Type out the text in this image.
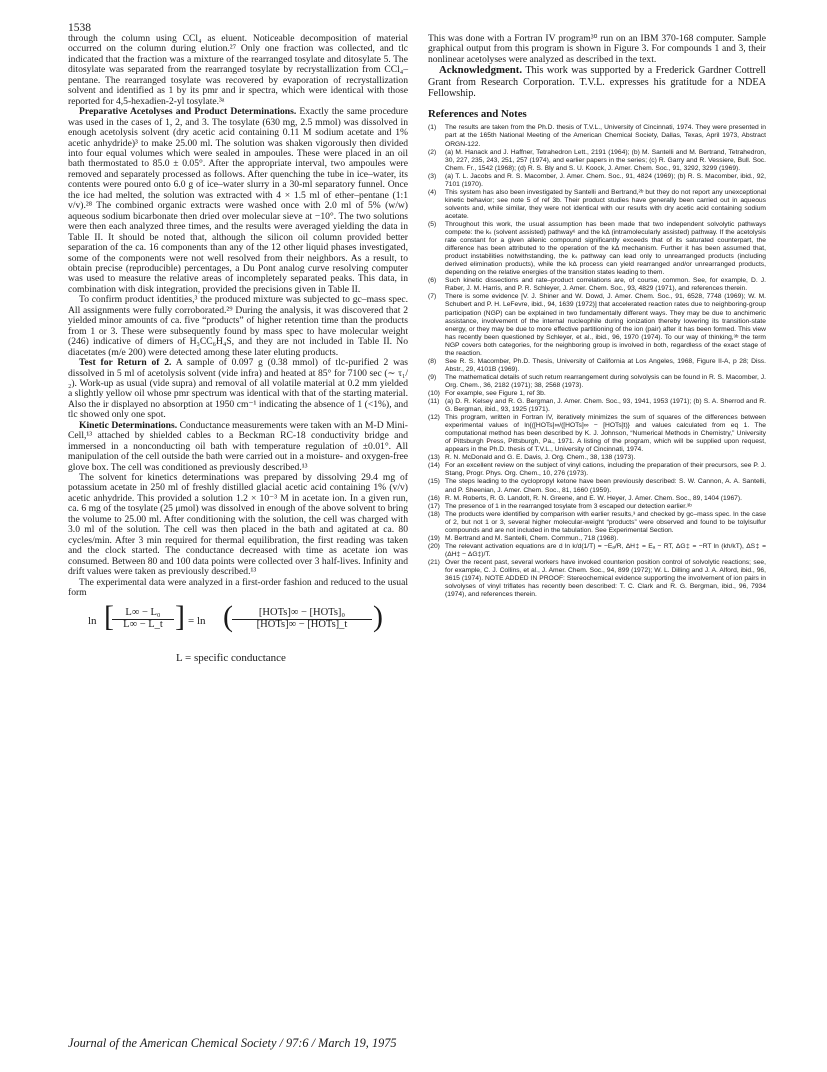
1538

through the column using CCl₄ as eluent. Noticeable decomposition of material occurred on the column during elution.²⁷ Only one fraction was collected, and tlc indicated that the fraction was a mixture of the rearranged tosylate and ditosylate 5. The ditosylate was separated from the rearranged tosylate by recrystallization from CCl₄–pentane. The rearranged tosylate was recovered by evaporation of recrystallization solvent and identified as 1 by its pmr and ir spectra, which were identical with those reported for 4,5-hexadien-2-yl tosylate.³ᵃ

Preparative Acetolyses and Product Determinations. Exactly the same procedure was used in the cases of 1, 2, and 3. The tosylate (630 mg, 2.5 mmol) was dissolved in enough acetolysis solvent (dry acetic acid containing 0.11 M sodium acetate and 1% acetic anhydride)³ to make 25.00 ml. The solution was shaken vigorously then divided into four equal volumes which were sealed in ampoules. These were placed in an oil bath thermostated to 85.0 ± 0.05°. After the appropriate interval, two ampoules were removed and separately processed as follows. After quenching the tube in ice–water, its contents were poured onto 6.0 g of ice–water slurry in a 30-ml separatory funnel. Once the ice had melted, the solution was extracted with 4 × 1.5 ml of ether–pentane (1:1 v/v).²⁸ The combined organic extracts were washed once with 2.0 ml of 5% (w/w) aqueous sodium bicarbonate then dried over molecular sieve at −10°. The two solutions were then each analyzed three times, and the results were averaged yielding the data in Table II. It should be noted that, although the silicon oil column provided better separation of the ca. 16 components than any of the 12 other liquid phases investigated, some of the components were not well resolved from their neighbors. As a result, to obtain precise (reproducible) percentages, a Du Pont analog curve resolving computer was used to measure the relative areas of incompletely separated peaks. This data, in combination with disk integration, provided the precisions given in Table II.

To confirm product identities,³ the produced mixture was subjected to gc–mass spec. All assignments were fully corroborated.²⁹ During the analysis, it was discovered that 2 yielded minor amounts of ca. five “products” of higher retention time than the products from 1 or 3. These were subsequently found by mass spec to have molecular weight (246) indicative of dimers of H₃CC₆H₄S, and they are not included in Table II. No diacetates (m/e 200) were detected among these later eluting products.

Test for Return of 2. A sample of 0.097 g (0.38 mmol) of tlc-purified 2 was dissolved in 5 ml of acetolysis solvent (vide infra) and heated at 85° for 7100 sec (∼ τ₁/₂). Work-up as usual (vide supra) and removal of all volatile material at 0.2 mm yielded a slightly yellow oil whose pmr spectrum was identical with that of the starting material. Also the ir displayed no absorption at 1950 cm⁻¹ indicating the absence of 1 (<1%), and tlc showed only one spot.

Kinetic Determinations. Conductance measurements were taken with an M-D Mini-Cell,¹³ attached by shielded cables to a Beckman RC-18 conductivity bridge and immersed in a nonconducting oil bath with temperature regulation of ±0.01°. All manipulation of the cell outside the bath were carried out in a moisture- and oxygen-free glove box. The cell was conditioned as previously described.¹³

The solvent for kinetics determinations was prepared by dissolving 29.4 mg of potassium acetate in 250 ml of freshly distilled glacial acetic acid containing 1% (v/v) acetic anhydride. This provided a solution 1.2 × 10⁻³ M in acetate ion. In a given run, ca. 6 mg of the tosylate (25 μmol) was dissolved in enough of the above solvent to bring the volume to 25.00 ml. After conditioning with the solution, the cell was charged with 3.0 ml of the solution. The cell was then placed in the bath and agitated at ca. 80 cycles/min. After 3 min required for thermal equilibration, the first reading was taken and the clock started. The conductance decreased with time as acetate ion was consumed. Between 80 and 100 data points were collected over 3 half-lives. Infinity and drift values were taken as previously described.¹³

The experimental data were analyzed in a first-order fashion and reduced to the usual form

ln [
$\frac{\text{L∞ − L₀}}{L\infty - L\_t}$ ] = ln (	[HOTs]∞ − [HOTs]₀
[HOTs]∞ − [HOTs]_t )
L = specific conductance

This was done with a Fortran IV program³⁰ run on an IBM 370-168 computer. Sample graphical output from this program is shown in Figure 3. For compounds 1 and 3, their nonlinear acetolyses were analyzed as described in the text.

Acknowledgment. This work was supported by a Frederick Gardner Cottrell Grant from Research Corporation. T.V.L. expresses his gratitude for a NDEA Fellowship.

References and Notes
(1)	The results are taken from the Ph.D. thesis of T.V.L., University of Cincinnati, 1974. They were presented in part at the 165th National Meeting of the American Chemical Society, Dallas, Texas, April 1973, Abstract ORGN-122.
(2)	(a) M. Hanack and J. Haffner, Tetrahedron Lett., 2191 (1964); (b) M. Santelli and M. Bertrand, Tetrahedron, 30, 227, 235, 243, 251, 257 (1974), and earlier papers in the series; (c) R. Garry and R. Vessiere, Bull. Soc. Chem. Fr., 1542 (1968); (d) R. S. Bly and S. U. Koock, J. Amer. Chem. Soc., 91, 3292, 3299 (1969).
(3)	(a) T. L. Jacobs and R. S. Macomber, J. Amer. Chem. Soc., 91, 4824 (1969); (b) R. S. Macomber, ibid., 92, 7101 (1970).
(4)	This system has also been investigated by Santelli and Bertrand,²ᵇ but they do not report any unexceptional kinetic behavior; see note 5 of ref 3b. Their product studies have generally been carried out in aqueous solvents and, while similar, they were not identical with our results with dry acetic acid containing sodium acetate.
(5)	Throughout this work, the usual assumption has been made that two independent solvolytic pathways compete: the kₛ (solvent assisted) pathway⁶ and the kΔ (intramolecularly assisted) pathway. If the acetolysis rate constant for a given allenic compound significantly exceeds that of its saturated counterpart, the difference has been attributed to the operation of the kΔ mechanism. Further it has been assumed that, product instabilities notwithstanding, the kₛ pathway can lead only to unrearranged products (including derived elimination products), while the kΔ process can yield rearranged and/or unrearranged products, depending on the relative energies of the transition states leading to them.
(6)	Such kinetic dissections and rate–product correlations are, of course, common. See, for example, D. J. Raber, J. M. Harris, and P. R. Schleyer, J. Amer. Chem. Soc., 93, 4829 (1971), and references therein.
(7)	There is some evidence [V. J. Shiner and W. Dowd, J. Amer. Chem. Soc., 91, 6528, 7748 (1969); W. M. Schubert and P. H. LeFevre, ibid., 94, 1639 (1972)] that accelerated reaction rates due to neighboring-group participation (NGP) can be explained in two fundamentally different ways. They may be due to anchimeric assistance, involvement of the internal nucleophile during ionization thereby lowering its transition-state energy, or they may be due to more effective partitioning of the ion (pair) after it has been formed. This view has recently been questioned by Schleyer, et al., ibid., 96, 1970 (1974). To our way of thinking,³ᵇ the term NGP covers both categories, for the neighboring group is involved in both, regardless of the exact stage of the reaction.
(8)	See R. S. Macomber, Ph.D. Thesis, University of California at Los Angeles, 1968, Figure II-A, p 28; Diss. Abstr., 29, 4101B (1969).
(9)	The mathematical details of such return rearrangement during solvolysis can be found in R. S. Macomber, J. Org. Chem., 36, 2182 (1971); 38, 2568 (1973).
(10) For example, see Figure 1, ref 3b.
(11) (a) D. R. Kelsey and R. G. Bergman, J. Amer. Chem. Soc., 93, 1941, 1953 (1971); (b) S. A. Sherrod and R. G. Bergman, ibid., 93, 1925 (1971).
(12) This program, written in Fortran IV, iteratively minimizes the sum of squares of the differences between experimental values of ln{([HOTs]∞/([HOTs]∞ − [HOTs]t)} and values calculated from eq 1. The computational method has been described by K. J. Johnson, “Numerical Methods in Chemistry,” University of Pittsburgh Press, Pittsburgh, Pa., 1971. A listing of the program, which will be supplied upon request, appears in the Ph.D. thesis of T.V.L., University of Cincinnati, 1974.
(13) R. N. McDonald and G. E. Davis, J. Org. Chem., 38, 138 (1973).
(14) For an excellent review on the subject of vinyl cations, including the preparation of their precursors, see P. J. Stang, Progr. Phys. Org. Chem., 10, 276 (1973).
(15) The steps leading to the cyclopropyl ketone have been previously described: S. W. Cannon, A. A. Santelli, and P. Sheenian, J. Amer. Chem. Soc., 81, 1660 (1959).
(16) R. M. Roberts, R. G. Landolt, R. N. Greene, and E. W. Heyer, J. Amer. Chem. Soc., 89, 1404 (1967).
(17) The presence of 1 in the rearranged tosylate from 3 escaped our detection earlier.³ᵇ
(18) The products were identified by comparison with earlier results,³ and checked by gc–mass spec. In the case of 2, but not 1 or 3, several higher molecular-weight “products” were observed and found to be tolylsulfur compounds and are not included in the tabulation. See Experimental Section.
(19) M. Bertrand and M. Santelli, Chem. Commun., 718 (1968).
(20) The relevant activation equations are d ln k/d(1/T) = −Eₐ/R, ΔH‡ = Eₐ − RT, ΔG‡ = −RT ln (kh/kT), ΔS‡ = (ΔH‡ − ΔG‡)/T.
(21) Over the recent past, several workers have invoked counterion position control of solvolytic reactions; see, for example, C. J. Collins, et al., J. Amer. Chem. Soc., 94, 899 (1972); W. L. Dilling and J. A. Alford, ibid., 96, 3615 (1974). NOTE ADDED IN PROOF: Stereochemical evidence supporting the involvement of ion pairs in solvolyses of vinyl triflates has recently been described: T. C. Clark and R. G. Bergman, ibid., 96, 7934 (1974), and references therein.
Journal of the American Chemical Society / 97:6 / March 19, 1975
